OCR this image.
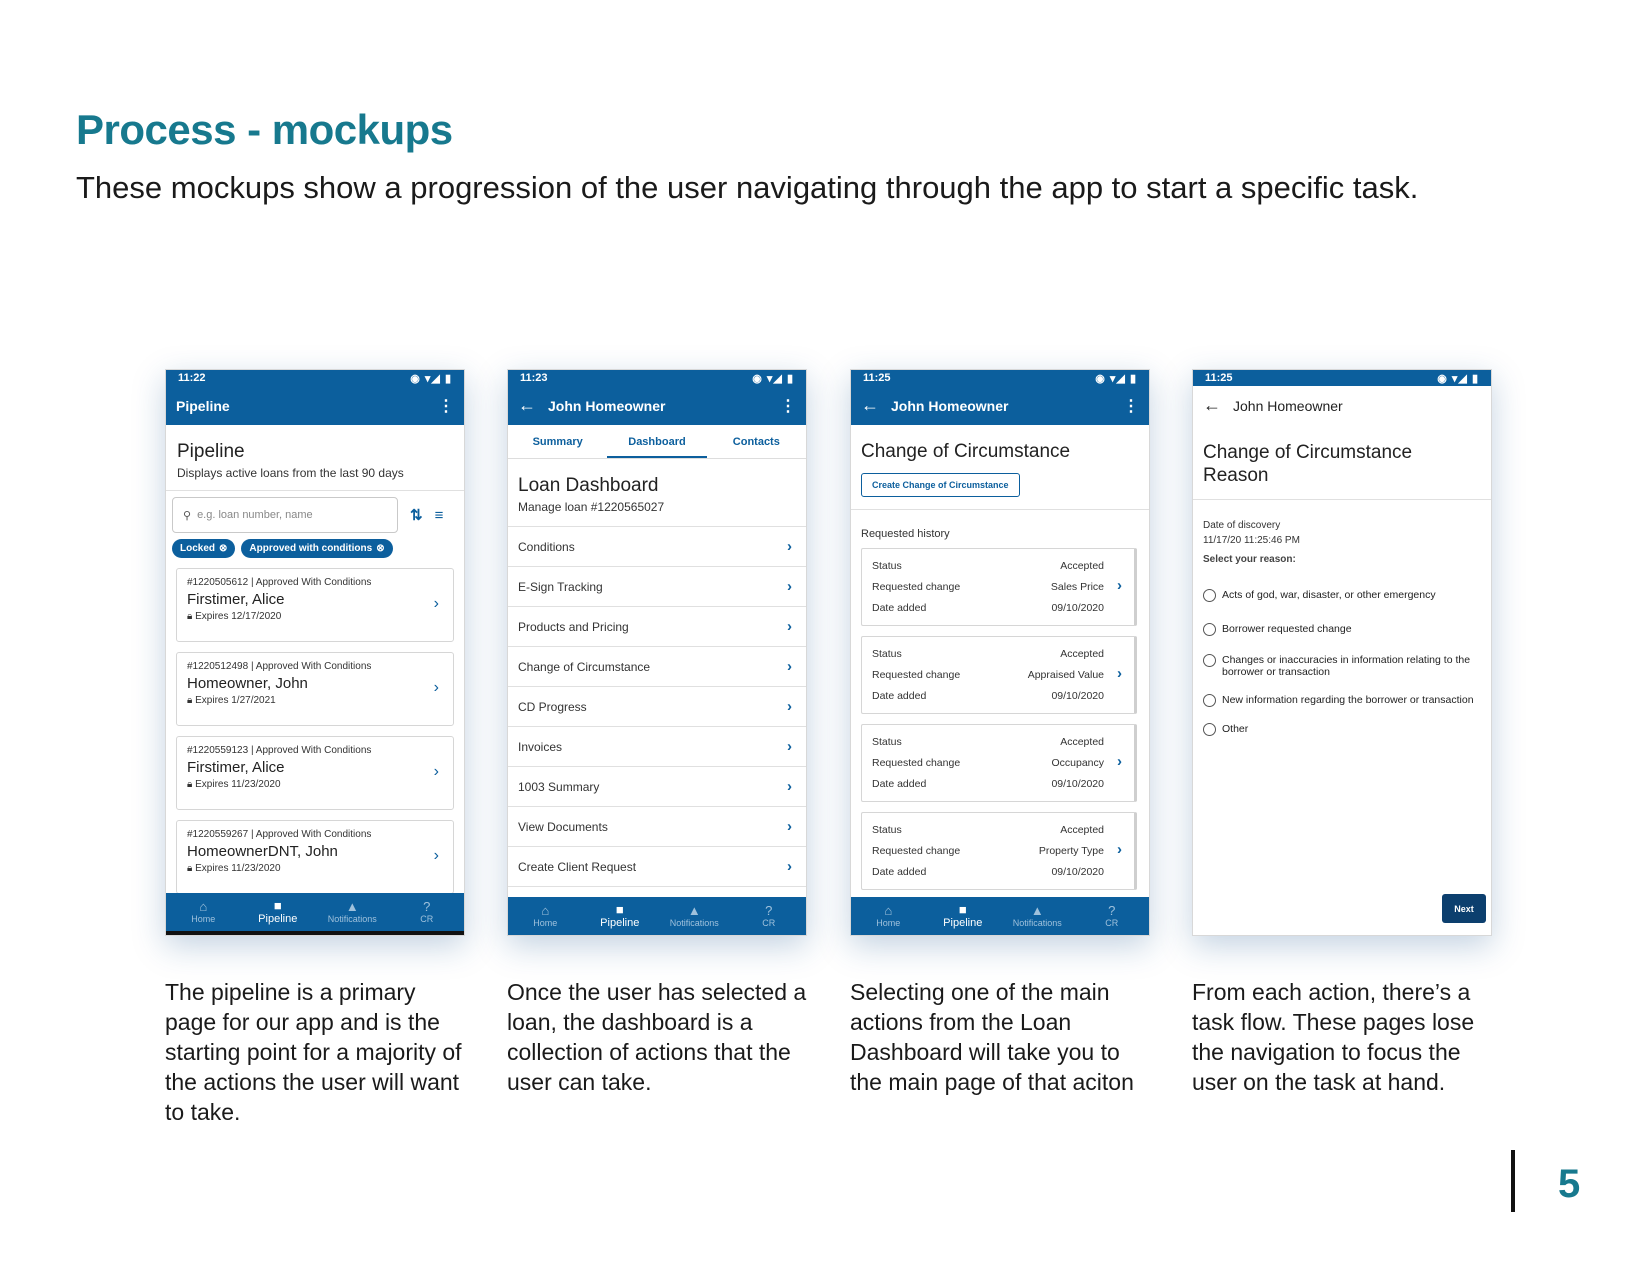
Process - mockups
These mockups show a progression of the user navigating through the app to start a specific task.
11:22	◉ ▾◢ ▮
Pipeline	⋮
Pipeline
Displays active loans from the last 90 days
⚲ e.g. loan number, name	⇅ ≡
Locked ⊗	Approved with conditions ⊗
#1220505612 | Approved With Conditions
Firstimer, Alice
🔒︎ Expires 12/17/2020
›
#1220512498 | Approved With Conditions
Homeowner, John
🔒︎ Expires 1/27/2021
›
#1220559123 | Approved With Conditions
Firstimer, Alice
🔒︎ Expires 11/23/2020
›
#1220559267 | Approved With Conditions
HomeownerDNT, John
🔒︎ Expires 11/23/2020
›
⌂
Home
■
Pipeline
▲
Notifications
?
CR
11:23	◉ ▾◢ ▮
← John Homeowner	⋮
Summary	Dashboard	Contacts
Loan Dashboard
Manage loan #1220565027
Conditions	›
E-Sign Tracking	›
Products and Pricing	›
Change of Circumstance	›
CD Progress	›
Invoices	›
1003 Summary	›
View Documents	›
Create Client Request	›
⌂
Home
■
Pipeline
▲
Notifications
?
CR
11:25	◉ ▾◢ ▮
← John Homeowner	⋮
Change of Circumstance
Create Change of Circumstance
Requested history
Status	Accepted
Requested change	Sales Price
Date added	09/10/2020
›
Status	Accepted
Requested change	Appraised Value
Date added	09/10/2020
›
Status	Accepted
Requested change	Occupancy
Date added	09/10/2020
›
Status	Accepted
Requested change	Property Type
Date added	09/10/2020
›
⌂
Home
■
Pipeline
▲
Notifications
?
CR
11:25	◉ ▾◢ ▮
← John Homeowner
Change of Circumstance
Reason
Date of discovery
11/17/20 11:25:46 PM
Select your reason:
Acts of god, war, disaster, or other emergency
Borrower requested change
Changes or inaccuracies in information relating to the borrower or transaction
New information regarding the borrower or transaction
Other
Next
The pipeline is a primary page for our app and is the starting point for a majority of the actions the user will want to take.
Once the user has selected a loan, the dashboard is a collection of actions that the user can take.
Selecting one of the main actions from the Loan Dashboard will take you to the main page of that aciton
From each action, there’s a task flow. These pages lose the navigation to focus the user on the task at hand.
5
